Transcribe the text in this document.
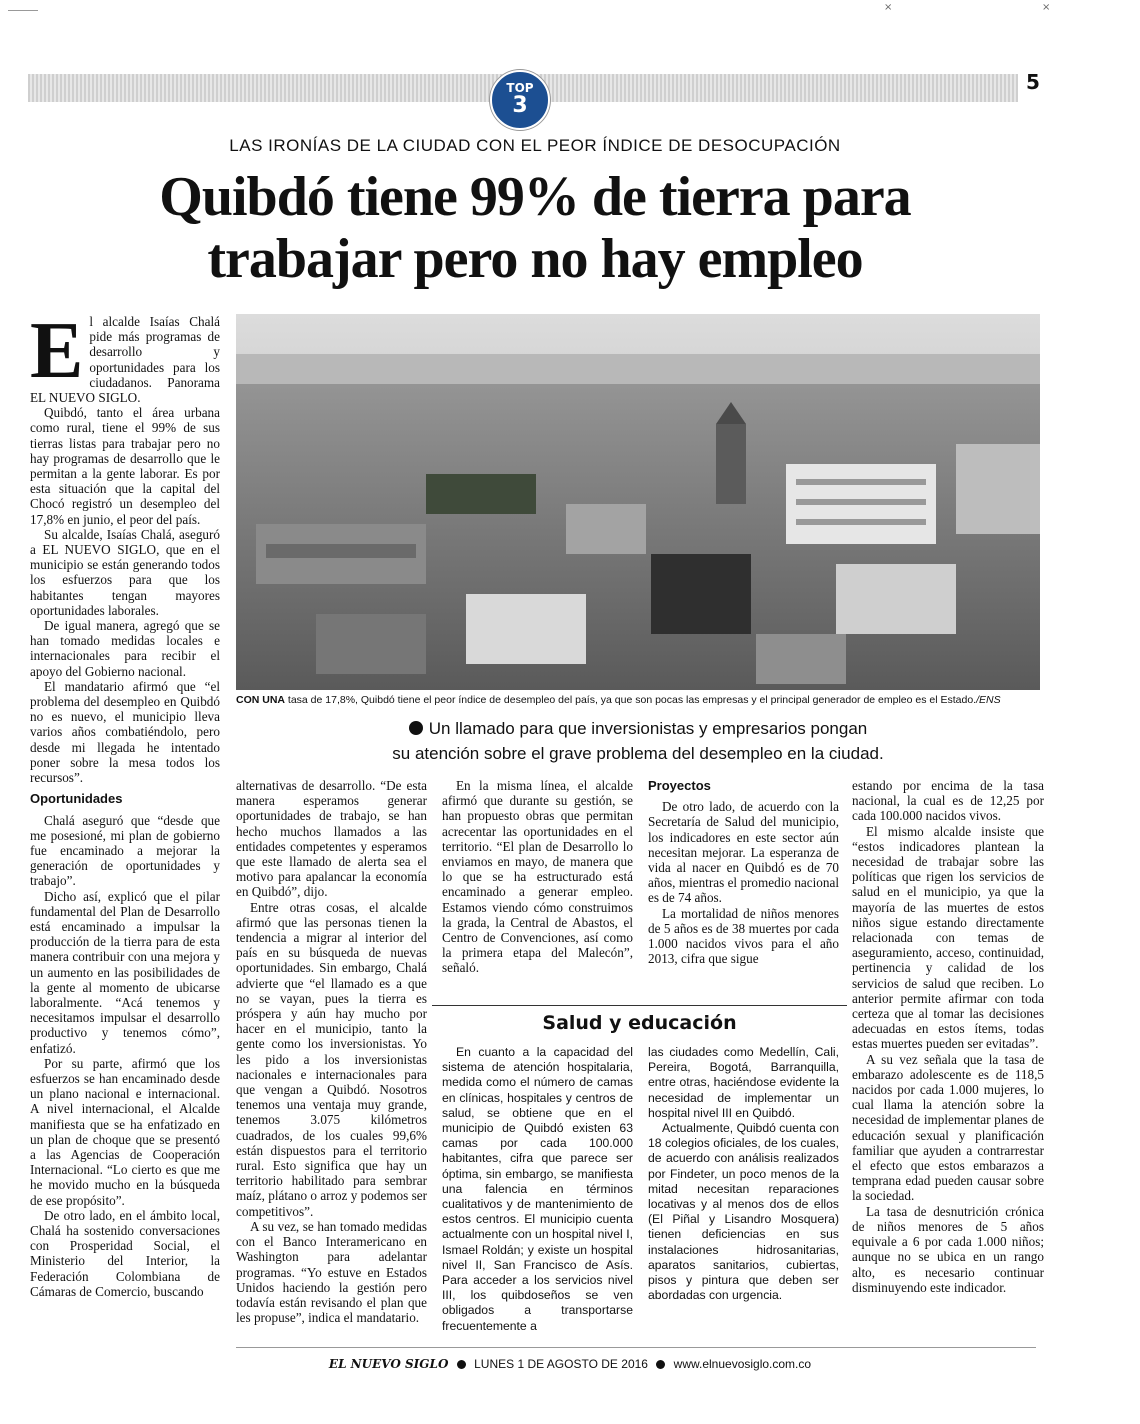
×	×
5
TOP
3
LAS IRONÍAS DE LA CIUDAD CON EL PEOR ÍNDICE DE DESOCUPACIÓN
Quibdó tiene 99% de tierra para
trabajar pero no hay empleo

El alcalde Isaías Chalá pide más programas de desarrollo y oportunidades para los ciudadanos. Panorama EL NUEVO SIGLO.

Quibdó, tanto el área urbana como rural, tiene el 99% de sus tierras listas para trabajar pero no hay programas de desarrollo que le permitan a la gente laborar. Es por esta situación que la capital del Chocó registró un desempleo del 17,8% en junio, el peor del país.

Su alcalde, Isaías Chalá, aseguró a EL NUEVO SIGLO, que en el municipio se están generando todos los esfuerzos para que los habitantes tengan mayores oportunidades laborales.

De igual manera, agregó que se han tomado medidas locales e internacionales para recibir el apoyo del Gobierno nacional.

El mandatario afirmó que “el problema del desempleo en Quibdó no es nuevo, el municipio lleva varios años combatiéndolo, pero desde mi llegada he intentado poner sobre la mesa todos los recursos”.

Oportunidades

Chalá aseguró que “desde que me posesioné, mi plan de gobierno fue encaminado a mejorar la generación de oportunidades y trabajo”.

Dicho así, explicó que el pilar fundamental del Plan de Desarrollo está encaminado a impulsar la producción de la tierra para de esta manera contribuir con una mejora y un aumento en las posibilidades de la gente al momento de ubicarse laboralmente. “Acá tenemos y necesitamos impulsar el desarrollo productivo y tenemos cómo”, enfatizó.

Por su parte, afirmó que los esfuerzos se han encaminado desde un plano nacional e internacional. A nivel internacional, el Alcalde manifiesta que se ha enfatizado en un plan de choque que se presentó a las Agencias de Cooperación Internacional. “Lo cierto es que me he movido mucho en la búsqueda de ese propósito”.

De otro lado, en el ámbito local, Chalá ha sostenido conversaciones con Prosperidad Social, el Ministerio del Interior, la Federación Colombiana de Cámaras de Comercio, buscando

CON UNA tasa de 17,8%, Quibdó tiene el peor índice de desempleo del país, ya que son pocas las empresas y el principal generador de empleo es el Estado./ENS
Un llamado para que inversionistas y empresarios pongan
su atención sobre el grave problema del desempleo en la ciudad.

alternativas de desarrollo. “De esta manera esperamos generar oportunidades de trabajo, se han hecho muchos llamados a las entidades competentes y esperamos que este llamado de alerta sea el motivo para apalancar la economía en Quibdó”, dijo.

Entre otras cosas, el alcalde afirmó que las personas tienen la tendencia a migrar al interior del país en su búsqueda de nuevas oportunidades. Sin embargo, Chalá advierte que “el llamado es a que no se vayan, pues la tierra es próspera y aún hay mucho por hacer en el municipio, tanto la gente como los inversionistas. Yo les pido a los inversionistas nacionales e internacionales para que vengan a Quibdó. Nosotros tenemos una ventaja muy grande, tenemos 3.075 kilómetros cuadrados, de los cuales 99,6% están dispuestos para el territorio rural. Esto significa que hay un territorio habilitado para sembrar maíz, plátano o arroz y podemos ser competitivos”.

A su vez, se han tomado medidas con el Banco Interamericano en Washington para adelantar programas. “Yo estuve en Estados Unidos haciendo la gestión pero todavía están revisando el plan que les propuse”, indica el mandatario.

En la misma línea, el alcalde afirmó que durante su gestión, se han propuesto obras que permitan acrecentar las oportunidades en el territorio. “El plan de Desarrollo lo enviamos en mayo, de manera que lo que se ha estructurado está encaminado a generar empleo. Estamos viendo cómo construimos la grada, la Central de Abastos, el Centro de Convenciones, así como la primera etapa del Malecón”, señaló.

Proyectos

De otro lado, de acuerdo con la Secretaría de Salud del municipio, los indicadores en este sector aún necesitan mejorar. La esperanza de vida al nacer en Quibdó es de 70 años, mientras el promedio nacional es de 74 años.

La mortalidad de niños menores de 5 años es de 38 muertes por cada 1.000 nacidos vivos para el año 2013, cifra que sigue

estando por encima de la tasa nacional, la cual es de 12,25 por cada 100.000 nacidos vivos.

El mismo alcalde insiste que “estos indicadores plantean la necesidad de trabajar sobre las políticas que rigen los servicios de salud en el municipio, ya que la mayoría de las muertes de estos niños sigue estando directamente relacionada con temas de aseguramiento, acceso, continuidad, pertinencia y calidad de los servicios de salud que reciben. Lo anterior permite afirmar con toda certeza que al tomar las decisiones adecuadas en estos ítems, todas estas muertes pueden ser evitadas”.

A su vez señala que la tasa de embarazo adolescente es de 118,5 nacidos por cada 1.000 mujeres, lo cual llama la atención sobre la necesidad de implementar planes de educación sexual y planificación familiar que ayuden a contrarrestar el efecto que estos embarazos a temprana edad pueden causar sobre la sociedad.

La tasa de desnutrición crónica de niños menores de 5 años equivale a 6 por cada 1.000 niños; aunque no se ubica en un rango alto, es necesario continuar disminuyendo este indicador.

Salud y educación

En cuanto a la capacidad del sistema de atención hospitalaria, medida como el número de camas en clínicas, hospitales y centros de salud, se obtiene que en el municipio de Quibdó existen 63 camas por cada 100.000 habitantes, cifra que parece ser óptima, sin embargo, se manifiesta una falencia en términos cualitativos y de mantenimiento de estos centros. El municipio cuenta actualmente con un hospital nivel I, Ismael Roldán; y existe un hospital nivel II, San Francisco de Asís. Para acceder a los servicios nivel III, los quibdoseños se ven obligados a transportarse frecuentemente a

las ciudades como Medellín, Cali, Pereira, Bogotá, Barranquilla, entre otras, haciéndose evidente la necesidad de implementar un hospital nivel III en Quibdó.

Actualmente, Quibdó cuenta con 18 colegios oficiales, de los cuales, de acuerdo con análisis realizados por Findeter, un poco menos de la mitad necesitan reparaciones locativas y al menos dos de ellos (El Piñal y Lisandro Mosquera) tienen deficiencias en sus instalaciones hidrosanitarias, aparatos sanitarios, cubiertas, pisos y pintura que deben ser abordadas con urgencia.

EL NUEVO SIGLO LUNES 1 DE AGOSTO DE 2016 www.elnuevosiglo.com.co
